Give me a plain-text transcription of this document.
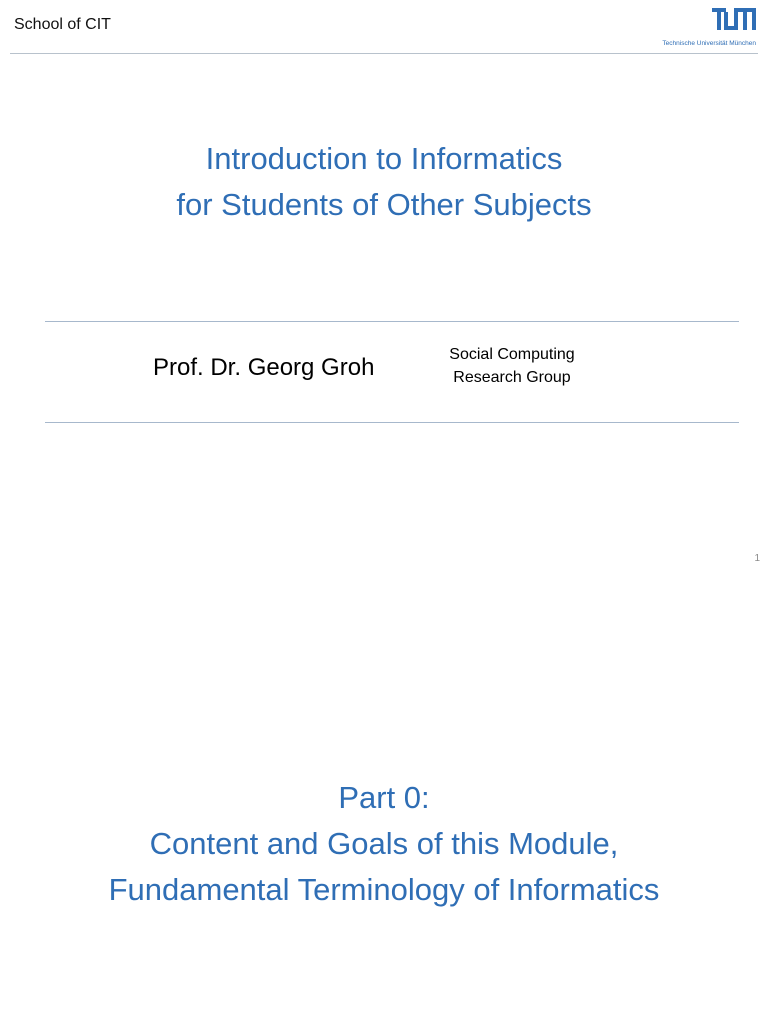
School of CIT
Technische Universität München
Introduction to Informatics
for Students of Other Subjects
Prof. Dr. Georg Groh	Social Computing
Research Group
1
Part 0:
Content and Goals of this Module,
Fundamental Terminology of Informatics
